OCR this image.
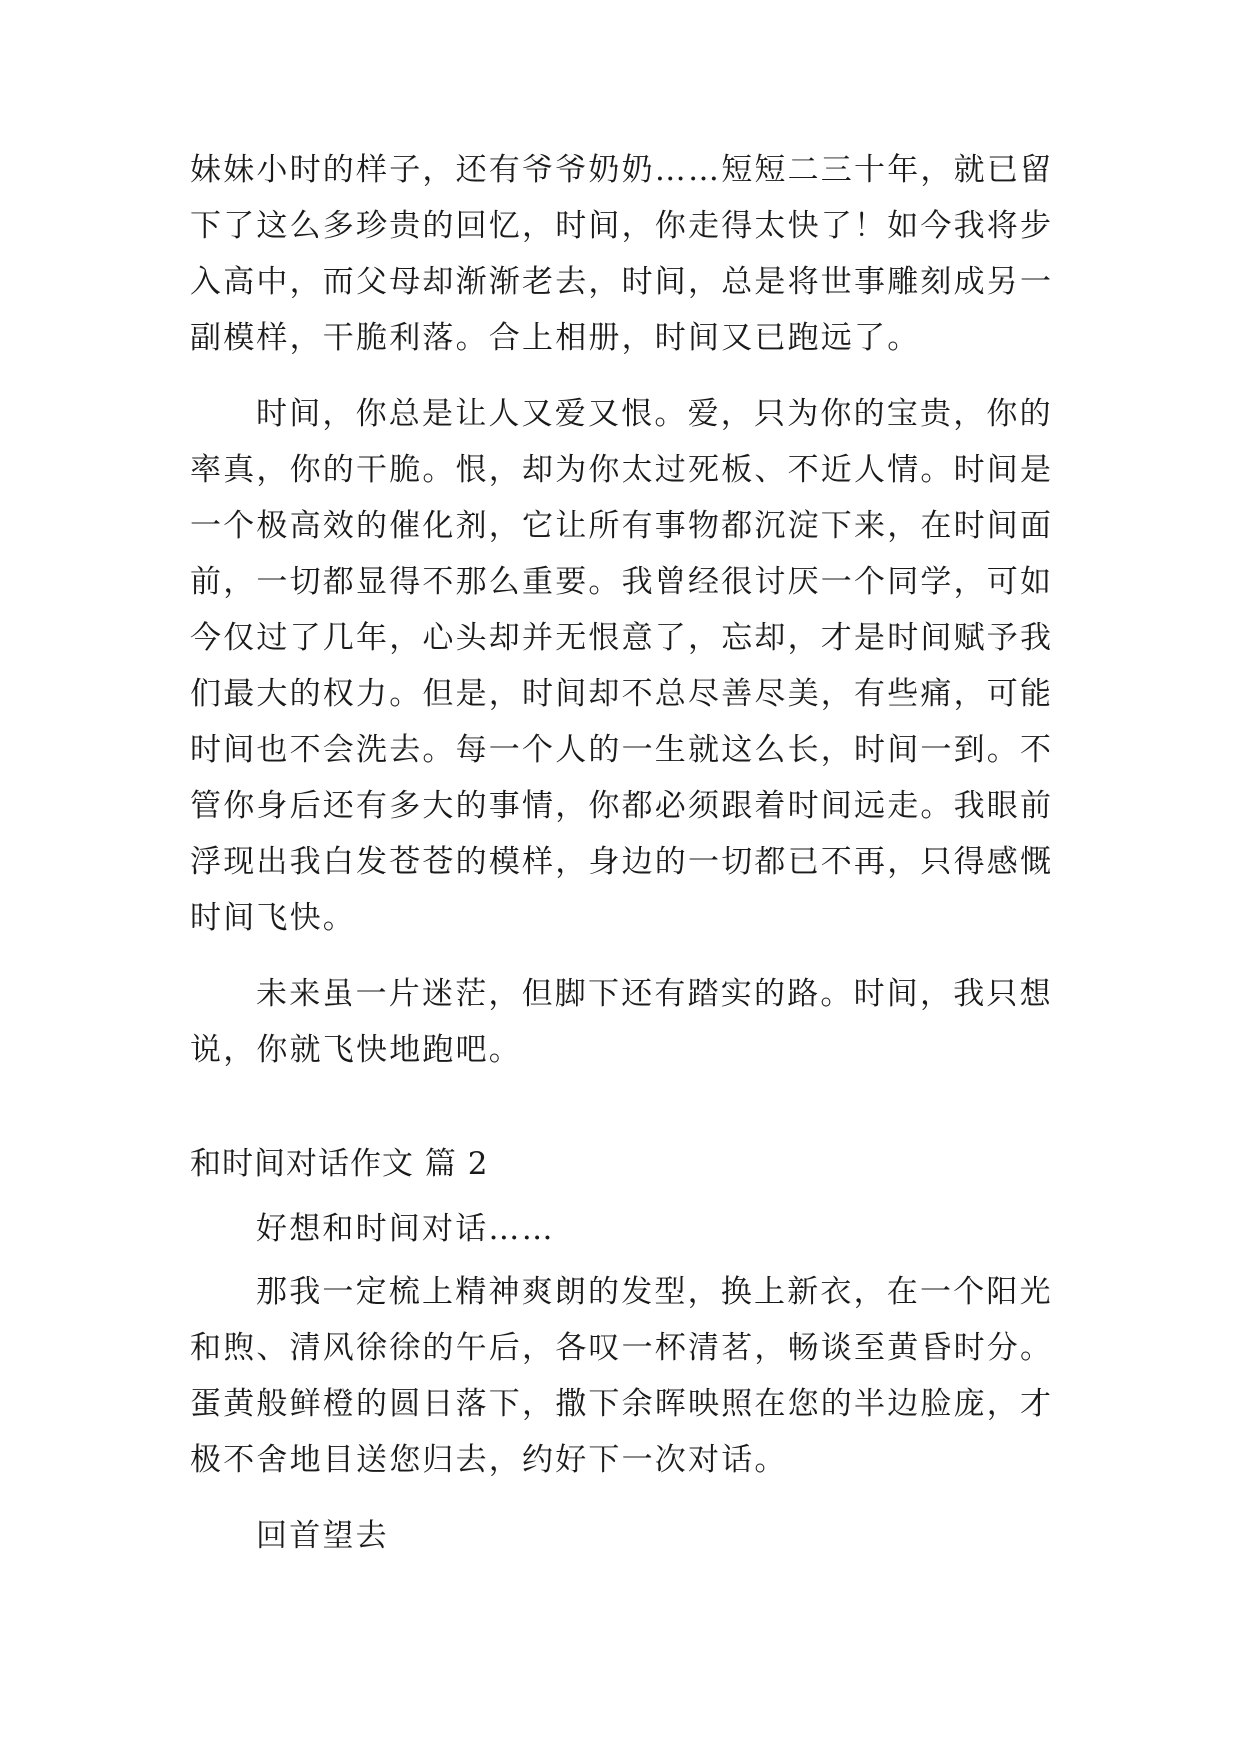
妹妹小时的样子，还有爷爷奶奶……短短二三十年，就已留
下了这么多珍贵的回忆，时间，你走得太快了！如今我将步
入高中，而父母却渐渐老去，时间，总是将世事雕刻成另一
副模样，干脆利落。合上相册，时间又已跑远了。
时间，你总是让人又爱又恨。爱，只为你的宝贵，你的
率真，你的干脆。恨，却为你太过死板、不近人情。时间是
一个极高效的催化剂，它让所有事物都沉淀下来，在时间面
前，一切都显得不那么重要。我曾经很讨厌一个同学，可如
今仅过了几年，心头却并无恨意了，忘却，才是时间赋予我
们最大的权力。但是，时间却不总尽善尽美，有些痛，可能
时间也不会洗去。每一个人的一生就这么长，时间一到。不
管你身后还有多大的事情，你都必须跟着时间远走。我眼前
浮现出我白发苍苍的模样，身边的一切都已不再，只得感慨
时间飞快。
未来虽一片迷茫，但脚下还有踏实的路。时间，我只想
说，你就飞快地跑吧。
和时间对话作文 篇 2
好想和时间对话……
那我一定梳上精神爽朗的发型，换上新衣，在一个阳光
和煦、清风徐徐的午后，各叹一杯清茗，畅谈至黄昏时分。
蛋黄般鲜橙的圆日落下，撒下余晖映照在您的半边脸庞，才
极不舍地目送您归去，约好下一次对话。
回首望去
